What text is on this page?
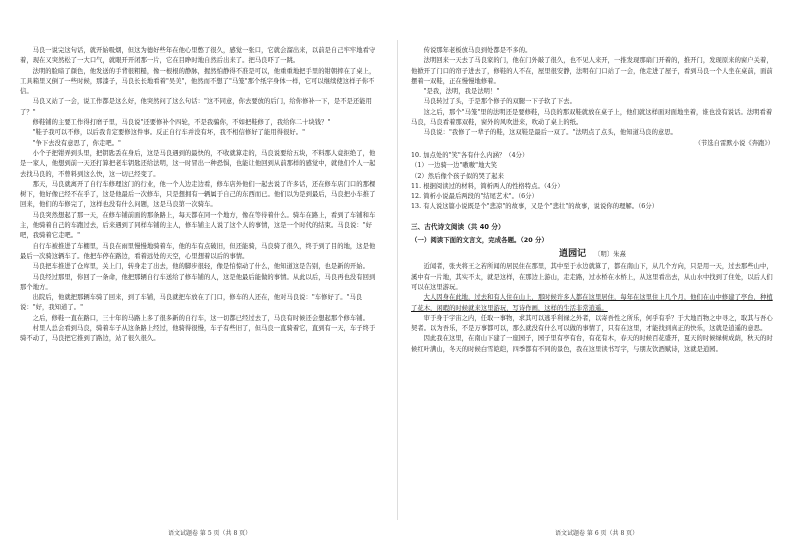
马良一说完这句话，就开始吸烟，但这为德好些年在他心里憋了很久，感觉一张口，它就会溜出来，以前是自己牢牢地看守着，现在又突然松了一大口气，就眼开开闭那一片，它在目睁时地自然后出来了。把马良吓了一跳。

法明的脸暗了颜色，他发送的手背很粗糙，像一根根的静脉，握然怕静得不准是可以，他重重地把手里的钳朝摔在了桌上，工具箱里又倒了一些时候，那漆子，马良长长地看着"吴美"，他然而不想了"马笼"那个纸字身体一样，它可以继续使这样子你不信。

马良又站了一会，说工作都是这么好，他突然问了这么句话："这不同意，你去要放的后门，给你修补一下，是不是还能用了？"

修鞋铺的主要工作得打磨子里，马良说"还要修补个四轮，不是我骗你，不如把鞋修了，我给你二十块钱？"

"鞋子我可以不修，以后我肯定要修这件事。反正自行车并没有坏，我不相信修好了能用得很好。"

"争下去没有意思了，你走吧。"

小个子把钳弄到头里，把钥匙丢在身后，这是马良遇到的最快的，不收就算走的，马良说要给五块，不料那人竟拒绝了，他是一家人，他想到前一天还打算把老车钥匙还给法明，这一时冒出一种恐惧，也能让他回到从前那样的感觉中，就他们个人一起去找马良的，不曾料到这么快，这一切已经变了。

那天，马良就离开了自行车修理这门的行业，他一个人边走边看，修车店外他们一起去说了许多话，还在修车店门口的那棵树下，他好像已经不在乎了，这是他最后一次修车，只是想拥有一辆属于自己的东西而已。他们以为是到最后，马良把小车推了回来，他们的车修完了，这样也没有什么问题，这是马良第一次骑车。

马良突然想起了那一天，在修车铺前面的那条路上，每天都在同一个地方，像在等待着什么。骑车在路上，看到了车铺和车主，他骑着自己的车跑过去，后来遇到了同样车铺的主人，修车铺主人说了这个人的事情，这是一个时代的结束。马良说："好吧，我骑着它走吧。"

自行车被推进了车棚里，马良在雨里慢慢地骑着车，他的车有点破旧，但还能骑，马良骑了很久，终于到了目的地，这是他最后一次骑这辆车了。他把车停在路边，看着远处的天空，心里想着以后的事情。

马良把车推进了仓库里，关上门，转身走了出去，他的脚步很轻，像是怕惊动了什么，他知道这是告别，也是新的开始。

马良经过那里，你回了一条命，他把那辆自行车送给了修车铺的人，这是他最后能做的事情。从此以后，马良再也没有回到那个地方。

出院后，他就把那辆车骑了回来，到了车铺，马良就把车放在了门口，修车的人还在，他对马良说："车修好了。"马良说："好，我知道了。"

之后，修鞋一直在路口，三十年的马路上多了很多新的自行车，这一切都已经过去了，马良有时候还会想起那个修车铺。

村里人总会看到马良，骑着车子从这条路上经过，他骑得很慢，车子有些旧了，但马良一直骑着它，直到有一天，车子终于骑不动了，马良把它推到了路边，站了很久很久。

传说那年老板放马良到处都是不多的。

法明回来一天去了马良家的门，他在门外敲了很久，也不见人来开，一推发现那扇门开着的，推开门，发现原来的窗户关着，他掀开了门口的帘子进去了，修鞋的人不在，屋里很安静，法明在门口站了一会，他走进了屋子，看到马良一个人坐在桌前，面前摆着一双鞋，正在慢慢地修着。

"是我，法明，我是法明！"

马良转过了头，于是那个修子的双腿一下子软了下去。

这之后，那个"马笼"里的法明还是要修鞋，马良的那双鞋就放在桌子上，他们就这样面对面地坐着，谁也没有说话。法明看着马良，马良看着那双鞋，窗外的风吹进来，吹动了桌上的纸。

马良说："我修了一辈子的鞋，这双鞋是最后一双了。"法明点了点头，他知道马良的意思。

（节选自雷默小说《奔跑》）

10. 加点处的"笑"各有什么内涵？（4分）

（1）一边骑一边"嗷嗷"地大笑

（2）然后像个孩子似的哭了起来

11. 根据阅读过的材料，简析两人的性格特点。（4分）

12. 简析小说最后两段的"结尾艺术"。（6分）

13. 有人说这篇小说既是个"悲凉"的故事，又是个"悲壮"的故事，说说你的理解。（6分）

三、古代诗文阅读（共 40 分）

（一）阅读下面的文言文，完成各题。（20 分）

逍园记 〔明〕朱熹

近闻者，张夫将王之若所闻的居民住在那里，其中至于水边就算了，都在南山下，从几个方向，只是用一天，过去那些山中，溪中有一片地，其实不太，就是这样，在那边上游山，走走路，过水桥在水桥上，从这里看出去，从山水中找到了住处，以后人们可以在这里游玩。

大人因身在此地，过去和有人住在山上，那时候许多人都在这里居住，每年在这里住上几个月，他们在山中修建了亭台，种植了花木，闲暇的时候就来这里游玩，写诗作画，这样的生活非常逍遥。

审于身于宇宙之内，任取一事物，求其可以逃乎利禄之外者，以寄吾性之所乐，何乎有乎？于大地百物之中寻之，取其与吾心契者。以为吾乐，不是万事都可以，那么就没有什么可以做的事情了，只有在这里，才能找到真正的快乐，这就是逍遥的意思。

因此我在这里，在南山下建了一座园子，园子里有亭有台，有花有木，春天的时候百花盛开，夏天的时候绿树成荫，秋天的时候红叶满山，冬天的时候白雪皑皑，四季都有不同的景色，我在这里读书写字，与朋友饮酒赋诗，这就是逍园。

语文试题卷 第 5 页（共 8 页）	语文试题卷 第 6 页（共 8 页）
